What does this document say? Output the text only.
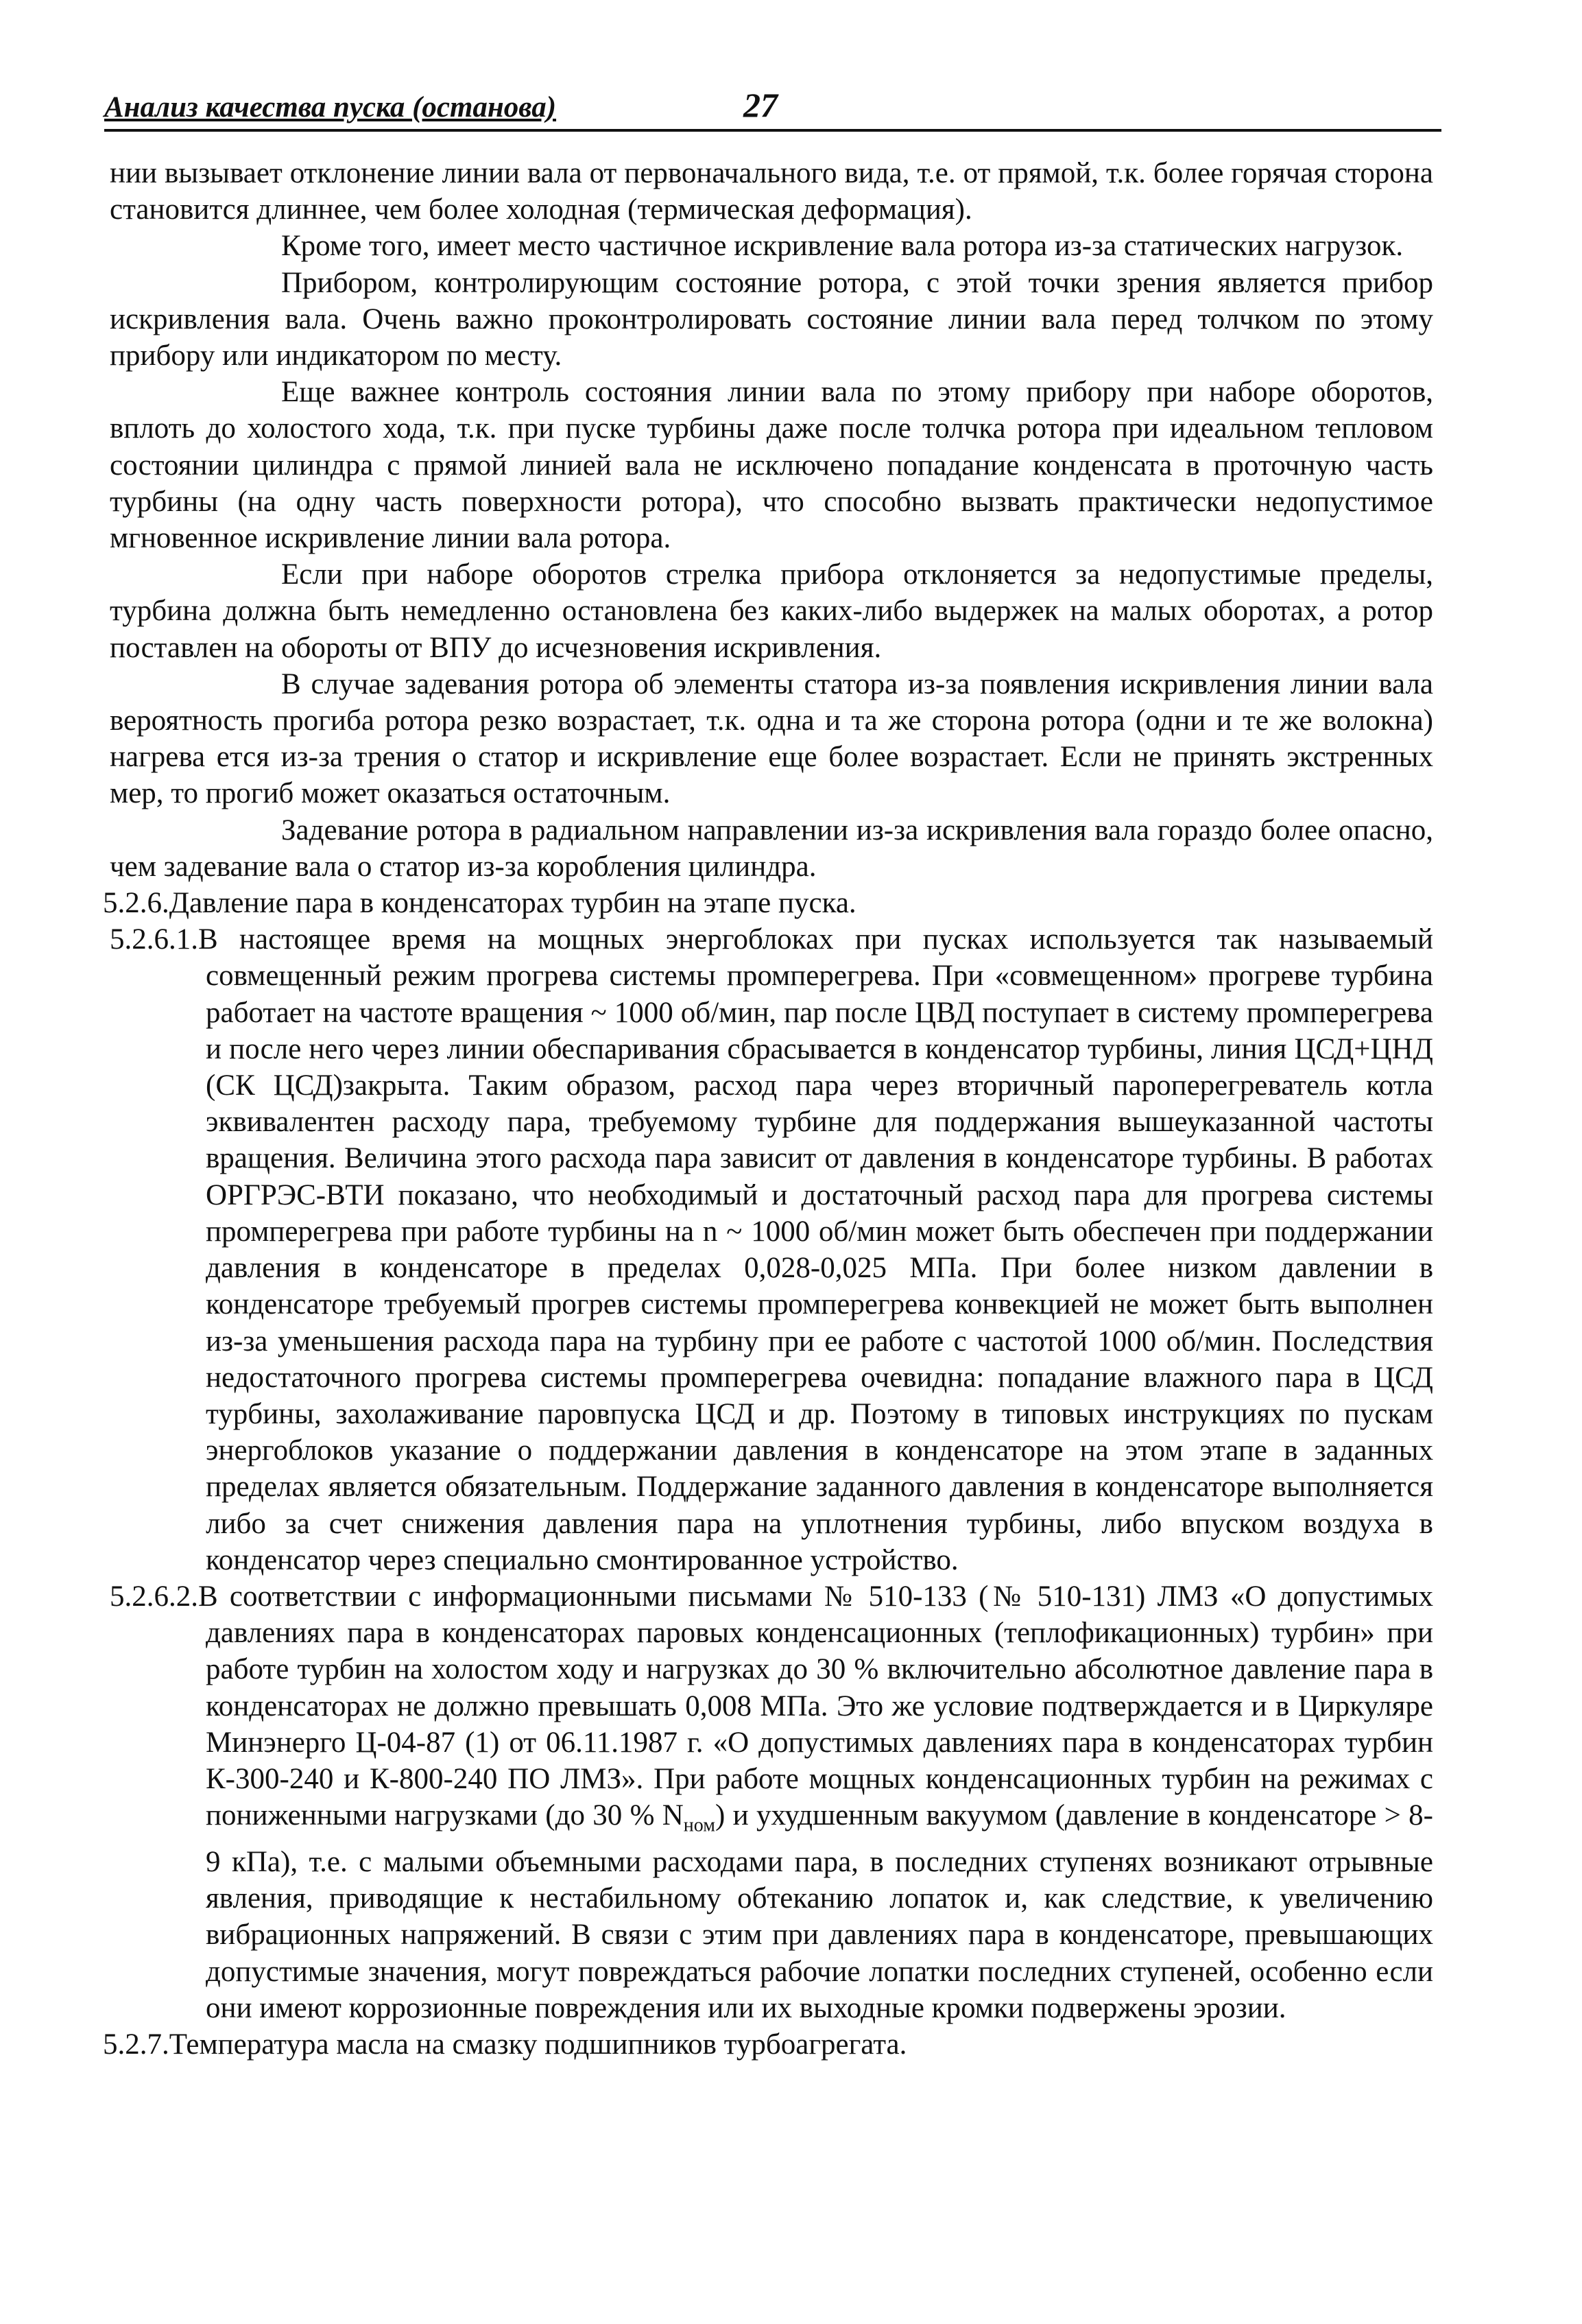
Анализ качества пуска (останова)	27

нии вызывает отклонение линии вала от первоначального вида, т.е. от прямой, т.к. более горячая сторона становится длиннее, чем более холодная (термическая деформация).

Кроме того, имеет место частичное искривление вала ротора из-за статических нагрузок.

Прибором, контролирующим состояние ротора, с этой точки зрения является прибор искривления вала. Очень важно проконтролировать состояние линии вала перед толчком по этому прибору или индикатором по месту.

Еще важнее контроль состояния линии вала по этому прибору при наборе оборотов, вплоть до холостого хода, т.к. при пуске турбины даже после толчка ротора при идеальном тепловом состоянии цилиндра с прямой линией вала не исключено попадание конденсата в проточную часть турбины (на одну часть поверхности ротора), что способно вызвать практически недопустимое мгновенное искривление линии вала ротора.

Если при наборе оборотов стрелка прибора отклоняется за недопустимые пределы, турбина должна быть немедленно остановлена без каких-либо выдержек на малых оборотах, а ротор поставлен на обороты от ВПУ до исчезновения искривления.

В случае задевания ротора об элементы статора из-за появления искривления линии вала вероятность прогиба ротора резко возрастает, т.к. одна и та же сторона ротора (одни и те же волокна) нагрева ется из-за трения о статор и искривление еще более возрастает. Если не принять экстренных мер, то прогиб может оказаться остаточным.

Задевание ротора в радиальном направлении из-за искривления вала гораздо более опасно, чем задевание вала о статор из-за коробления цилиндра.

5.2.6.Давление пара в конденсаторах турбин на этапе пуска.

5.2.6.1.В настоящее время на мощных энергоблоках при пусках используется так называемый совмещенный режим прогрева системы промперегрева. При «совмещенном» прогреве турбина работает на частоте вращения ~ 1000 об/мин, пар после ЦВД поступает в систему промперегрева и после него через линии обеспаривания сбрасывается в конденсатор турбины, линия ЦСД+ЦНД (СК ЦСД)закрыта. Таким образом, расход пара через вторичный пароперегреватель котла эквивалентен расходу пара, требуемому турбине для поддержания вышеуказанной частоты вращения. Величина этого расхода пара зависит от давления в конденсаторе турбины. В работах ОРГРЭС-ВТИ показано, что необходимый и достаточный расход пара для прогрева системы промперегрева при работе турбины на n ~ 1000 об/мин может быть обеспечен при поддержании давления в конденсаторе в пределах 0,028-0,025 МПа. При более низком давлении в конденсаторе требуемый прогрев системы промперегрева конвекцией не может быть выполнен из-за уменьшения расхода пара на турбину при ее работе с частотой 1000 об/мин. Последствия недостаточного прогрева системы промперегрева очевидна: попадание влажного пара в ЦСД турбины, захолаживание паровпуска ЦСД и др. Поэтому в типовых инструкциях по пускам энергоблоков указание о поддержании давления в конденсаторе на этом этапе в заданных пределах является обязательным. Поддержание заданного давления в конденсаторе выполняется либо за счет снижения давления пара на уплотнения турбины, либо впуском воздуха в конденсатор через специально смонтированное устройство.

5.2.6.2.В соответствии с информационными письмами № 510-133 (№ 510-131) ЛМЗ «О допустимых давлениях пара в конденсаторах паровых конденсационных (теплофикационных) турбин» при работе турбин на холостом ходу и нагрузках до 30 % включительно абсолютное давление пара в конденсаторах не должно превышать 0,008 МПа. Это же условие подтверждается и в Циркуляре Минэнерго Ц-04-87 (1) от 06.11.1987 г. «О допустимых давлениях пара в конденсаторах турбин К-300-240 и К-800-240 ПО ЛМЗ». При работе мощных конденсационных турбин на режимах с пониженными нагрузками (до 30 % $N_{ном}$) и ухудшенным вакуумом (давление в конденсаторе > 8-9 кПа), т.е. с малыми объемными расходами пара, в последних ступенях возникают отрывные явления, приводящие к нестабильному обтеканию лопаток и, как следствие, к увеличению вибрационных напряжений. В связи с этим при давлениях пара в конденсаторе, превышающих допустимые значения, могут повреждаться рабочие лопатки последних ступеней, особенно если они имеют коррозионные повреждения или их выходные кромки подвержены эрозии.

5.2.7.Температура масла на смазку подшипников турбоагрегата.
